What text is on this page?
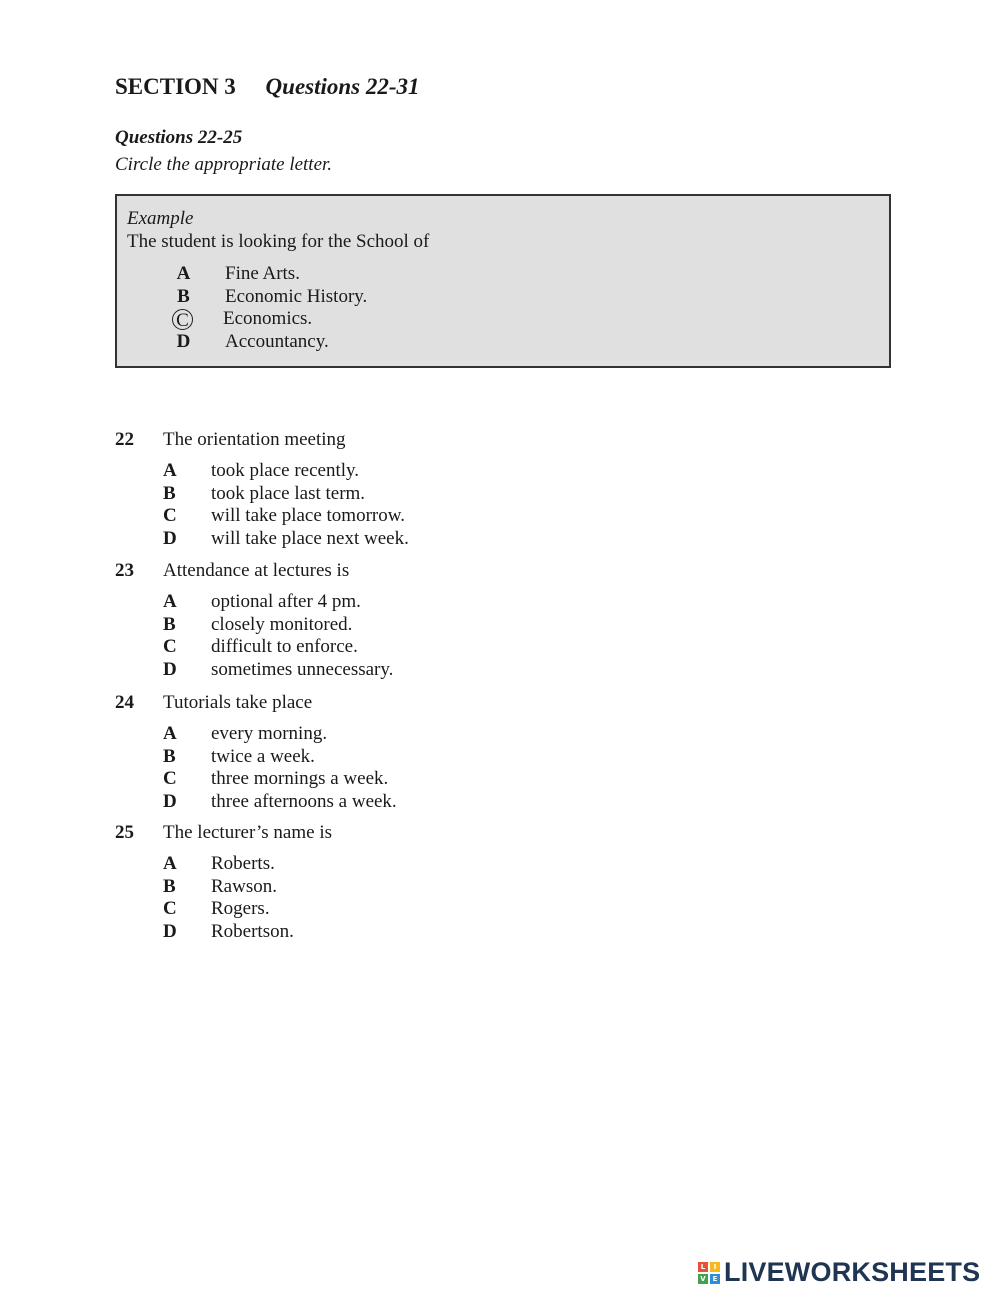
SECTION 3 Questions 22-31
Questions 22-25
Circle the appropriate letter.
Example
The student is looking for the School of
A Fine Arts.
B Economic History.
C Economics.
D Accountancy.
22	The orientation meeting
A	took place recently.
B	took place last term.
C	will take place tomorrow.
D	will take place next week.
23	Attendance at lectures is
A	optional after 4 pm.
B	closely monitored.
C	difficult to enforce.
D	sometimes unnecessary.
24	Tutorials take place
A	every morning.
B	twice a week.
C	three mornings a week.
D	three afternoons a week.
25	The lecturer’s name is
A	Roberts.
B	Rawson.
C	Rogers.
D	Robertson.
L	I
V E LIVEWORKSHEETS
